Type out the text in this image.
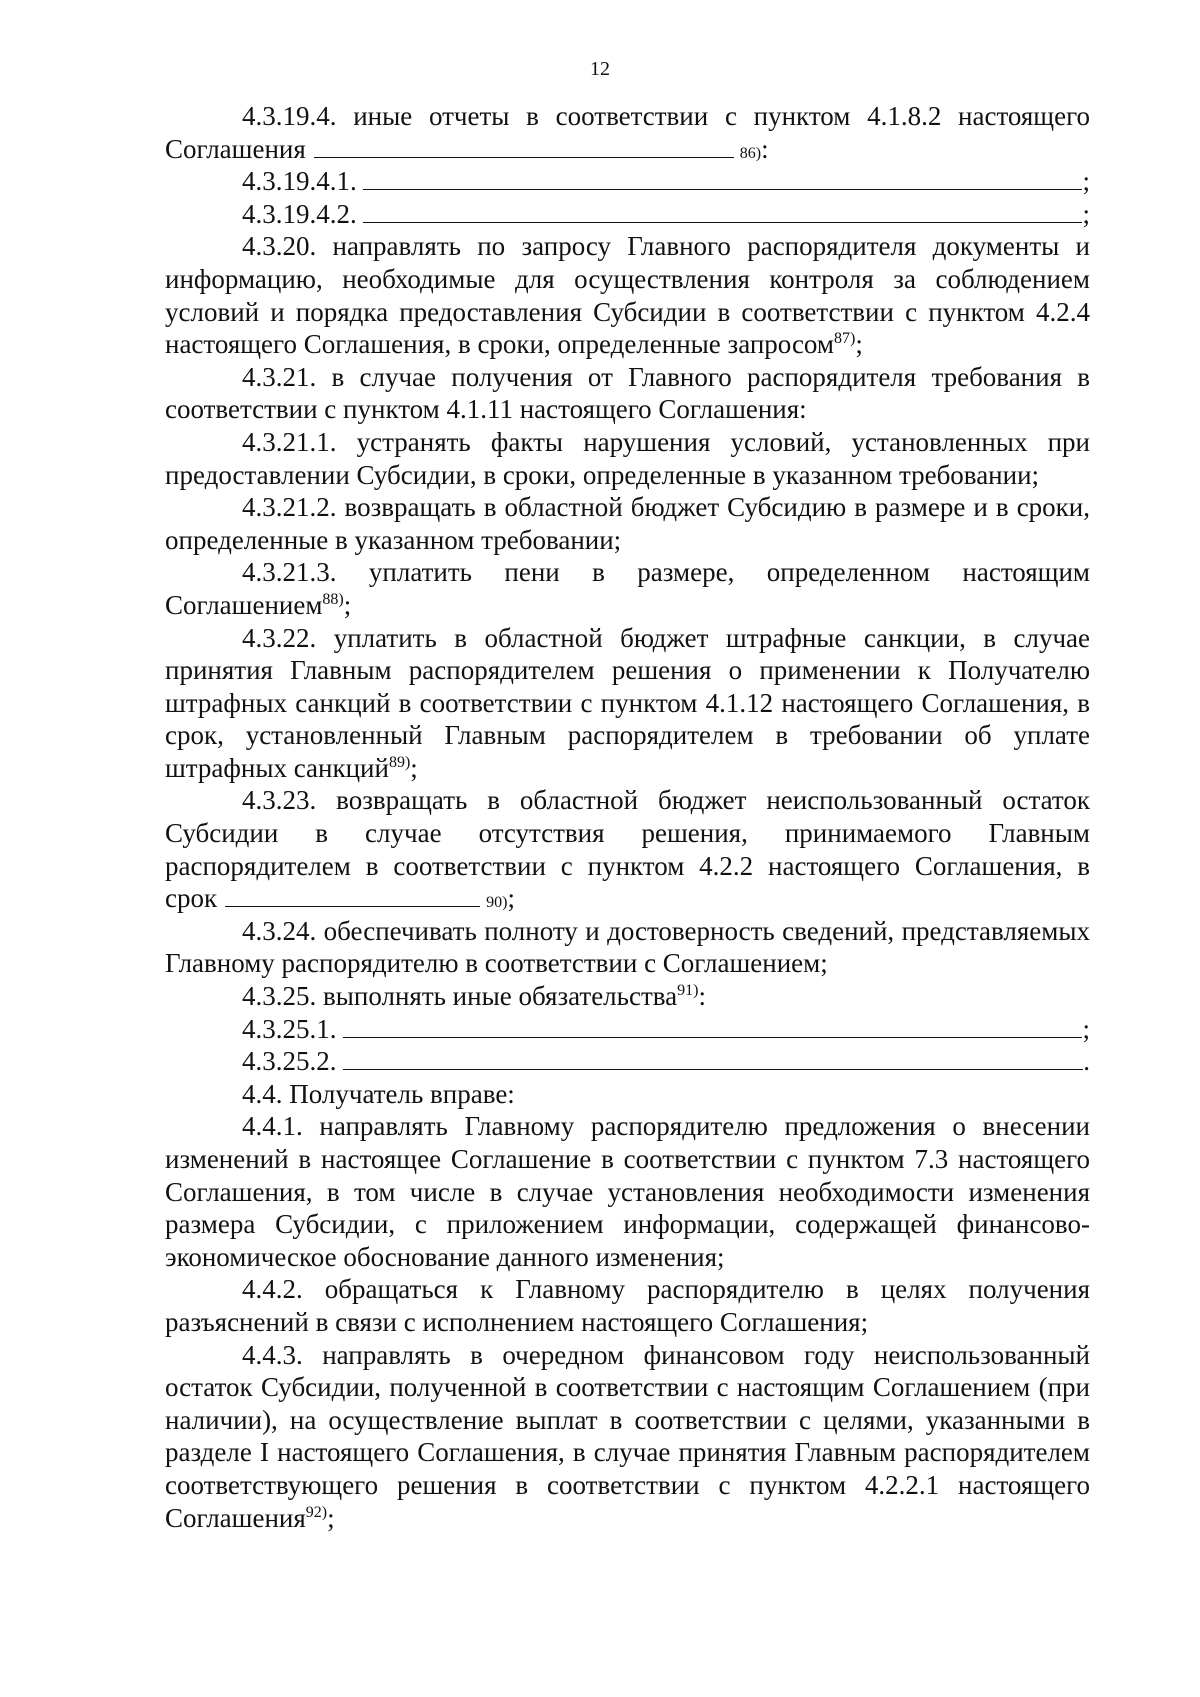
12

4.3.19.4. иные отчеты в соответствии с пунктом 4.1.8.2 настоящего

Соглашения	86) :
4.3.19.4.1.	;
4.3.19.4.2.	;

4.3.20. направлять по запросу Главного распорядителя документы и информацию, необходимые для осуществления контроля за соблюдением условий и порядка предоставления Субсидии в соответствии с пунктом 4.2.4 настоящего Соглашения, в сроки, определенные запросом$^{87)}$;

4.3.21. в случае получения от Главного распорядителя требования в соответствии с пунктом 4.1.11 настоящего Соглашения:

4.3.21.1. устранять факты нарушения условий, установленных при предоставлении Субсидии, в сроки, определенные в указанном требовании;

4.3.21.2. возвращать в областной бюджет Субсидию в размере и в сроки, определенные в указанном требовании;

4.3.21.3. уплатить пени в размере, определенном настоящим Соглашением$^{88)}$;

4.3.22. уплатить в областной бюджет штрафные санкции, в случае принятия Главным распорядителем решения о применении к Получателю штрафных санкций в соответствии с пунктом 4.1.12 настоящего Соглашения, в срок, установленный Главным распорядителем в требовании об уплате штрафных санкций$^{89)}$;

4.3.23. возвращать в областной бюджет неиспользованный остаток Субсидии в случае отсутствия решения, принимаемого Главным распорядителем в соответствии с пунктом 4.2.2 настоящего Соглашения, в

срок	90) ;

4.3.24. обеспечивать полноту и достоверность сведений, представляемых Главному распорядителю в соответствии с Соглашением;

4.3.25. выполнять иные обязательства$^{91)}$:

4.3.25.1.	;
4.3.25.2.	.

4.4. Получатель вправе:

4.4.1. направлять Главному распорядителю предложения о внесении изменений в настоящее Соглашение в соответствии с пунктом 7.3 настоящего Соглашения, в том числе в случае установления необходимости изменения размера Субсидии, с приложением информации, содержащей финансово-экономическое обоснование данного изменения;

4.4.2. обращаться к Главному распорядителю в целях получения разъяснений в связи с исполнением настоящего Соглашения;

4.4.3. направлять в очередном финансовом году неиспользованный остаток Субсидии, полученной в соответствии с настоящим Соглашением (при наличии), на осуществление выплат в соответствии с целями, указанными в разделе I настоящего Соглашения, в случае принятия Главным распорядителем соответствующего решения в соответствии с пунктом 4.2.2.1 настоящего Соглашения$^{92)}$;
